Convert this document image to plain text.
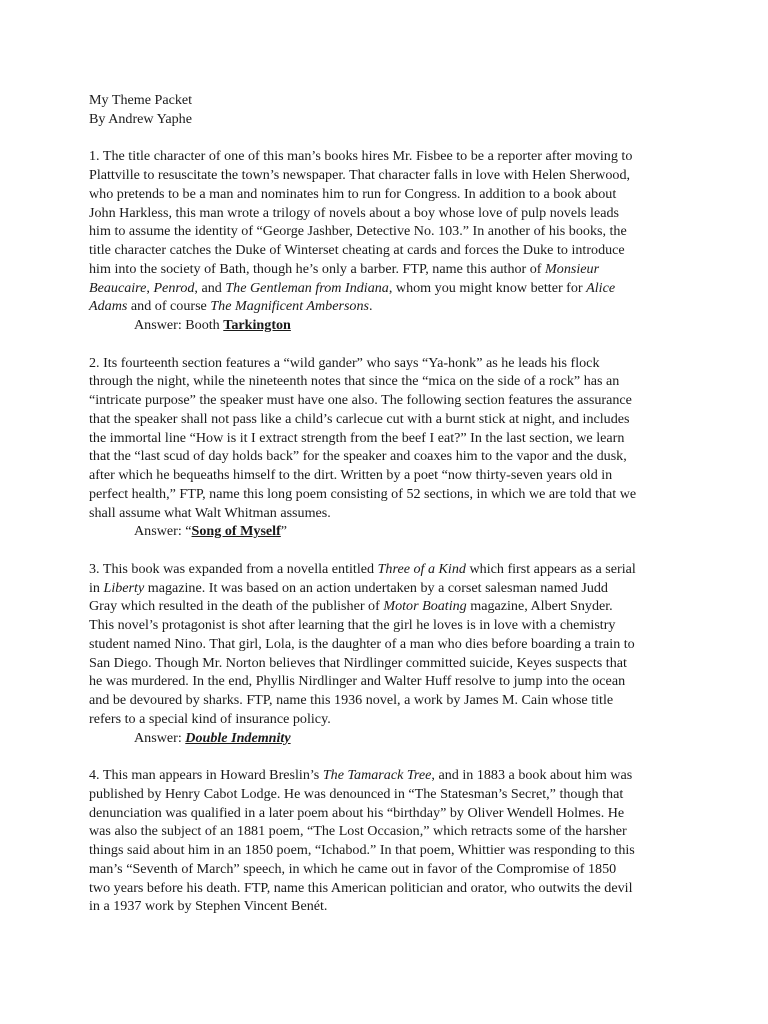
My Theme Packet
By Andrew Yaphe
1. The title character of one of this man’s books hires Mr. Fisbee to be a reporter after moving to
Plattville to resuscitate the town’s newspaper. That character falls in love with Helen Sherwood,
who pretends to be a man and nominates him to run for Congress. In addition to a book about
John Harkless, this man wrote a trilogy of novels about a boy whose love of pulp novels leads
him to assume the identity of “George Jashber, Detective No. 103.” In another of his books, the
title character catches the Duke of Winterset cheating at cards and forces the Duke to introduce
him into the society of Bath, though he’s only a barber. FTP, name this author of Monsieur
Beaucaire, Penrod, and The Gentleman from Indiana, whom you might know better for Alice
Adams and of course The Magnificent Ambersons.
Answer: Booth Tarkington
2. Its fourteenth section features a “wild gander” who says “Ya-honk” as he leads his flock
through the night, while the nineteenth notes that since the “mica on the side of a rock” has an
“intricate purpose” the speaker must have one also. The following section features the assurance
that the speaker shall not pass like a child’s carlecue cut with a burnt stick at night, and includes
the immortal line “How is it I extract strength from the beef I eat?” In the last section, we learn
that the “last scud of day holds back” for the speaker and coaxes him to the vapor and the dusk,
after which he bequeaths himself to the dirt. Written by a poet “now thirty-seven years old in
perfect health,” FTP, name this long poem consisting of 52 sections, in which we are told that we
shall assume what Walt Whitman assumes.
Answer: “Song of Myself”
3. This book was expanded from a novella entitled Three of a Kind which first appears as a serial
in Liberty magazine. It was based on an action undertaken by a corset salesman named Judd
Gray which resulted in the death of the publisher of Motor Boating magazine, Albert Snyder.
This novel’s protagonist is shot after learning that the girl he loves is in love with a chemistry
student named Nino. That girl, Lola, is the daughter of a man who dies before boarding a train to
San Diego. Though Mr. Norton believes that Nirdlinger committed suicide, Keyes suspects that
he was murdered. In the end, Phyllis Nirdlinger and Walter Huff resolve to jump into the ocean
and be devoured by sharks. FTP, name this 1936 novel, a work by James M. Cain whose title
refers to a special kind of insurance policy.
Answer: Double Indemnity
4. This man appears in Howard Breslin’s The Tamarack Tree, and in 1883 a book about him was
published by Henry Cabot Lodge. He was denounced in “The Statesman’s Secret,” though that
denunciation was qualified in a later poem about his “birthday” by Oliver Wendell Holmes. He
was also the subject of an 1881 poem, “The Lost Occasion,” which retracts some of the harsher
things said about him in an 1850 poem, “Ichabod.” In that poem, Whittier was responding to this
man’s “Seventh of March” speech, in which he came out in favor of the Compromise of 1850
two years before his death. FTP, name this American politician and orator, who outwits the devil
in a 1937 work by Stephen Vincent Benét.
